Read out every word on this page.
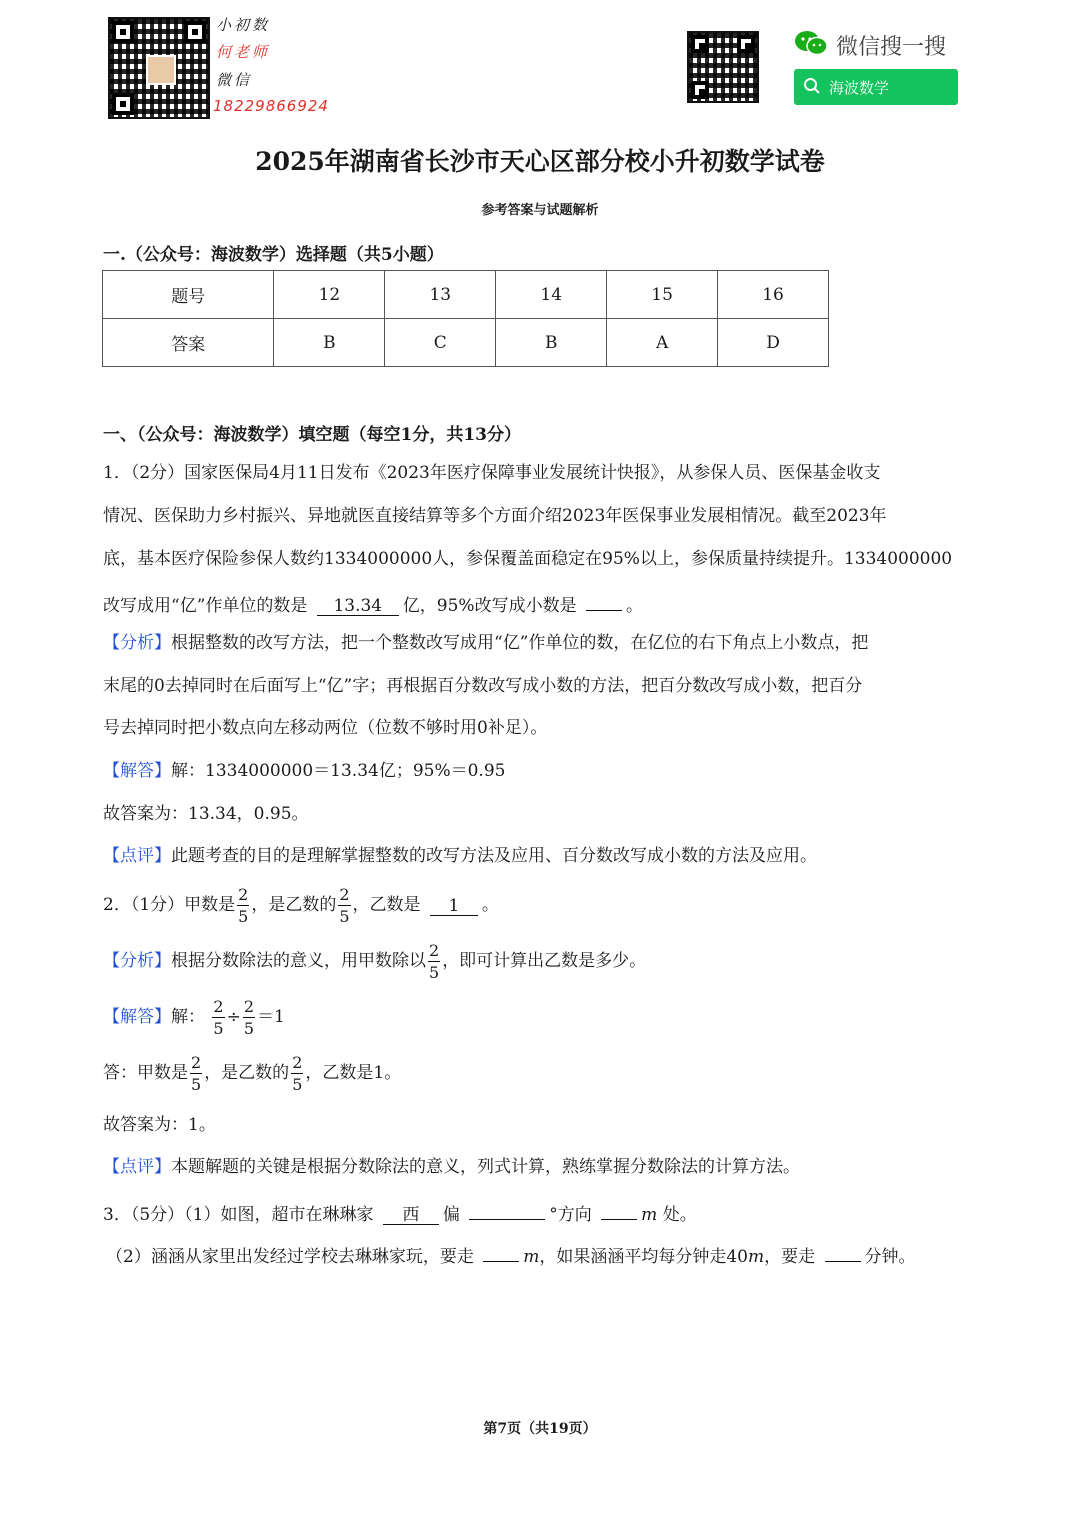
小初数
何老师
微信
18229866924
微信搜一搜
海波数学
2025年湖南省长沙市天心区部分校小升初数学试卷
参考答案与试题解析
一.（公众号：海波数学）选择题（共5小题）
题号	12	13	14	15	16
答案	B	C	B	A	D
一、（公众号：海波数学）填空题（每空1分，共13分）
1．（2分）国家医保局4月11日发布《2023年医疗保障事业发展统计快报》，从参保人员、医保基金收支
情况、医保助力乡村振兴、异地就医直接结算等多个方面介绍2023年医保事业发展相情况。截至2023年
底，基本医疗保险参保人数约1334000000人，参保覆盖面稳定在95%以上，参保质量持续提升。1334000000
改写成用“亿”作单位的数是 13.34 亿，95%改写成小数是	。
【分析】根据整数的改写方法，把一个整数改写成用“亿”作单位的数，在亿位的右下角点上小数点，把
末尾的0去掉同时在后面写上“亿”字；再根据百分数改写成小数的方法，把百分数改写成小数，把百分
号去掉同时把小数点向左移动两位（位数不够时用0补足）。
【解答】解：1334000000＝13.34亿；95%＝0.95
故答案为：13.34，0.95。
【点评】此题考查的目的是理解掌握整数的改写方法及应用、百分数改写成小数的方法及应用。
2．（1分）甲数是 $\frac{2}{5}$ ，是乙数的 $\frac{2}{5}$ ，乙数是 1 。
【分析】根据分数除法的意义，用甲数除以 $\frac{2}{5}$ ，即可计算出乙数是多少。
【解答】解： $\frac{2}{5} \div \frac{2}{5} =1$
答：甲数是 $\frac{2}{5}$ ，是乙数的 $\frac{2}{5}$ ，乙数是1。
故答案为：1。
【点评】本题解题的关键是根据分数除法的意义，列式计算，熟练掌握分数除法的计算方法。
3．（5分）（1）如图，超市在琳琳家 西 偏	°方向	m 处。
（2）涵涵从家里出发经过学校去琳琳家玩，要走	m，如果涵涵平均每分钟走40m，要走	分钟。
第7页（共19页）
